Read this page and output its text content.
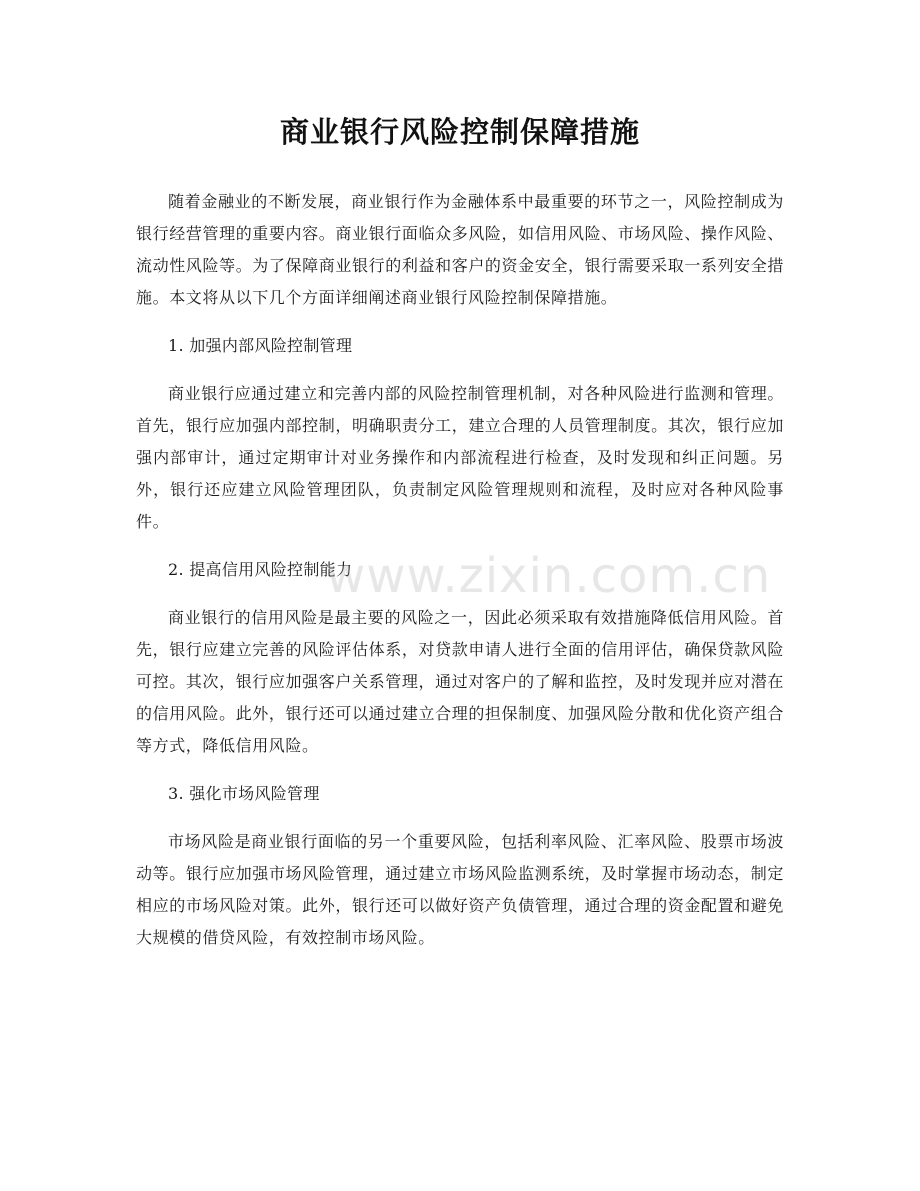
商业银行风险控制保障措施

随着金融业的不断发展，商业银行作为金融体系中最重要的环节之一，风险控制成为银行经营管理的重要内容。商业银行面临众多风险，如信用风险、市场风险、操作风险、流动性风险等。为了保障商业银行的利益和客户的资金安全，银行需要采取一系列安全措施。本文将从以下几个方面详细阐述商业银行风险控制保障措施。

1. 加强内部风险控制管理

商业银行应通过建立和完善内部的风险控制管理机制，对各种风险进行监测和管理。首先，银行应加强内部控制，明确职责分工，建立合理的人员管理制度。其次，银行应加强内部审计，通过定期审计对业务操作和内部流程进行检查，及时发现和纠正问题。另外，银行还应建立风险管理团队，负责制定风险管理规则和流程，及时应对各种风险事件。

2. 提高信用风险控制能力

商业银行的信用风险是最主要的风险之一，因此必须采取有效措施降低信用风险。首先，银行应建立完善的风险评估体系，对贷款申请人进行全面的信用评估，确保贷款风险可控。其次，银行应加强客户关系管理，通过对客户的了解和监控，及时发现并应对潜在的信用风险。此外，银行还可以通过建立合理的担保制度、加强风险分散和优化资产组合等方式，降低信用风险。

3. 强化市场风险管理

市场风险是商业银行面临的另一个重要风险，包括利率风险、汇率风险、股票市场波动等。银行应加强市场风险管理，通过建立市场风险监测系统，及时掌握市场动态，制定相应的市场风险对策。此外，银行还可以做好资产负债管理，通过合理的资金配置和避免大规模的借贷风险，有效控制市场风险。

www.zixin.com.cn
